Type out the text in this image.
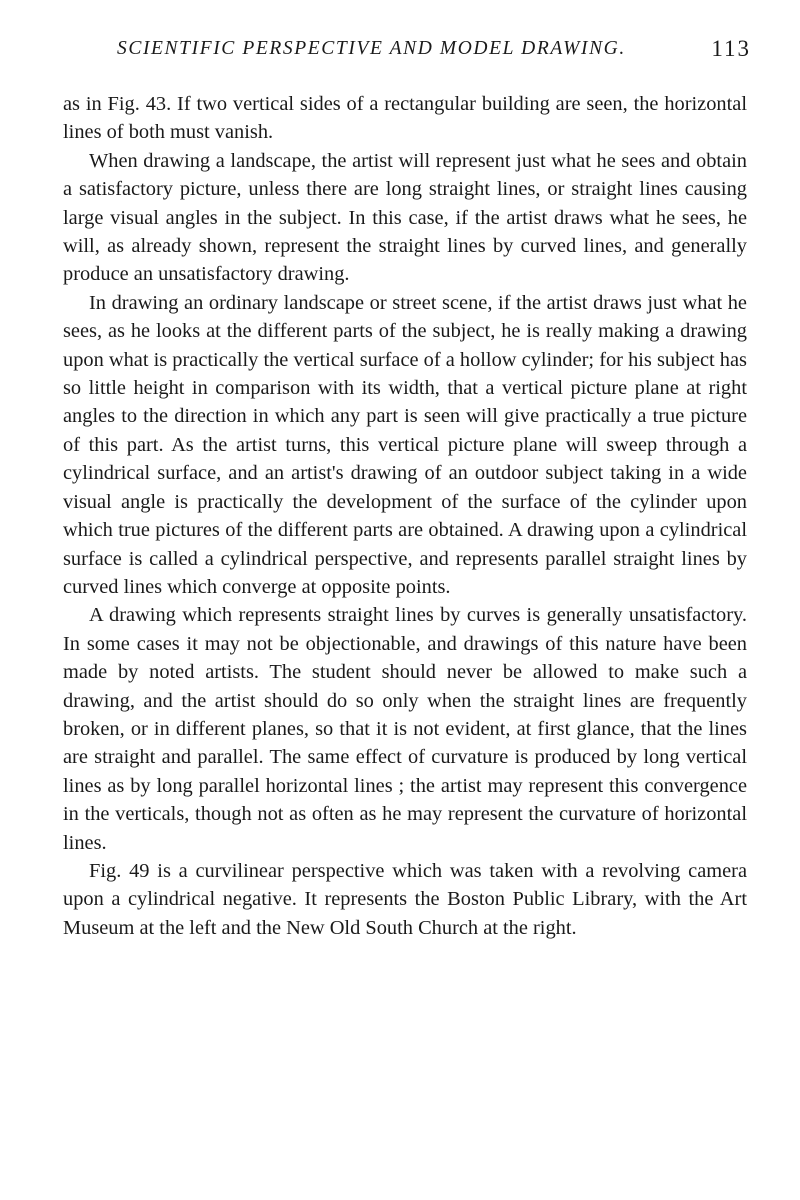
SCIENTIFIC PERSPECTIVE AND MODEL DRAWING.	113

as in Fig. 43. If two vertical sides of a rectangular building are seen, the horizontal lines of both must vanish.

When drawing a landscape, the artist will represent just what he sees and obtain a satisfactory picture, unless there are long straight lines, or straight lines causing large visual angles in the subject. In this case, if the artist draws what he sees, he will, as already shown, represent the straight lines by curved lines, and generally produce an unsatisfactory drawing.

In drawing an ordinary landscape or street scene, if the artist draws just what he sees, as he looks at the different parts of the subject, he is really making a drawing upon what is practically the vertical surface of a hollow cylinder; for his subject has so little height in comparison with its width, that a vertical picture plane at right angles to the direction in which any part is seen will give practically a true picture of this part. As the artist turns, this vertical picture plane will sweep through a cylindrical surface, and an artist's drawing of an outdoor subject taking in a wide visual angle is practically the development of the surface of the cylinder upon which true pictures of the different parts are obtained. A drawing upon a cylindrical surface is called a cylindrical perspective, and represents parallel straight lines by curved lines which converge at opposite points.

A drawing which represents straight lines by curves is generally unsatisfactory. In some cases it may not be objectionable, and drawings of this nature have been made by noted artists. The student should never be allowed to make such a drawing, and the artist should do so only when the straight lines are frequently broken, or in different planes, so that it is not evident, at first glance, that the lines are straight and parallel. The same effect of curvature is produced by long vertical lines as by long parallel horizontal lines ; the artist may represent this convergence in the verticals, though not as often as he may represent the curvature of horizontal lines.

Fig. 49 is a curvilinear perspective which was taken with a revolving camera upon a cylindrical negative. It represents the Boston Public Library, with the Art Museum at the left and the New Old South Church at the right.
